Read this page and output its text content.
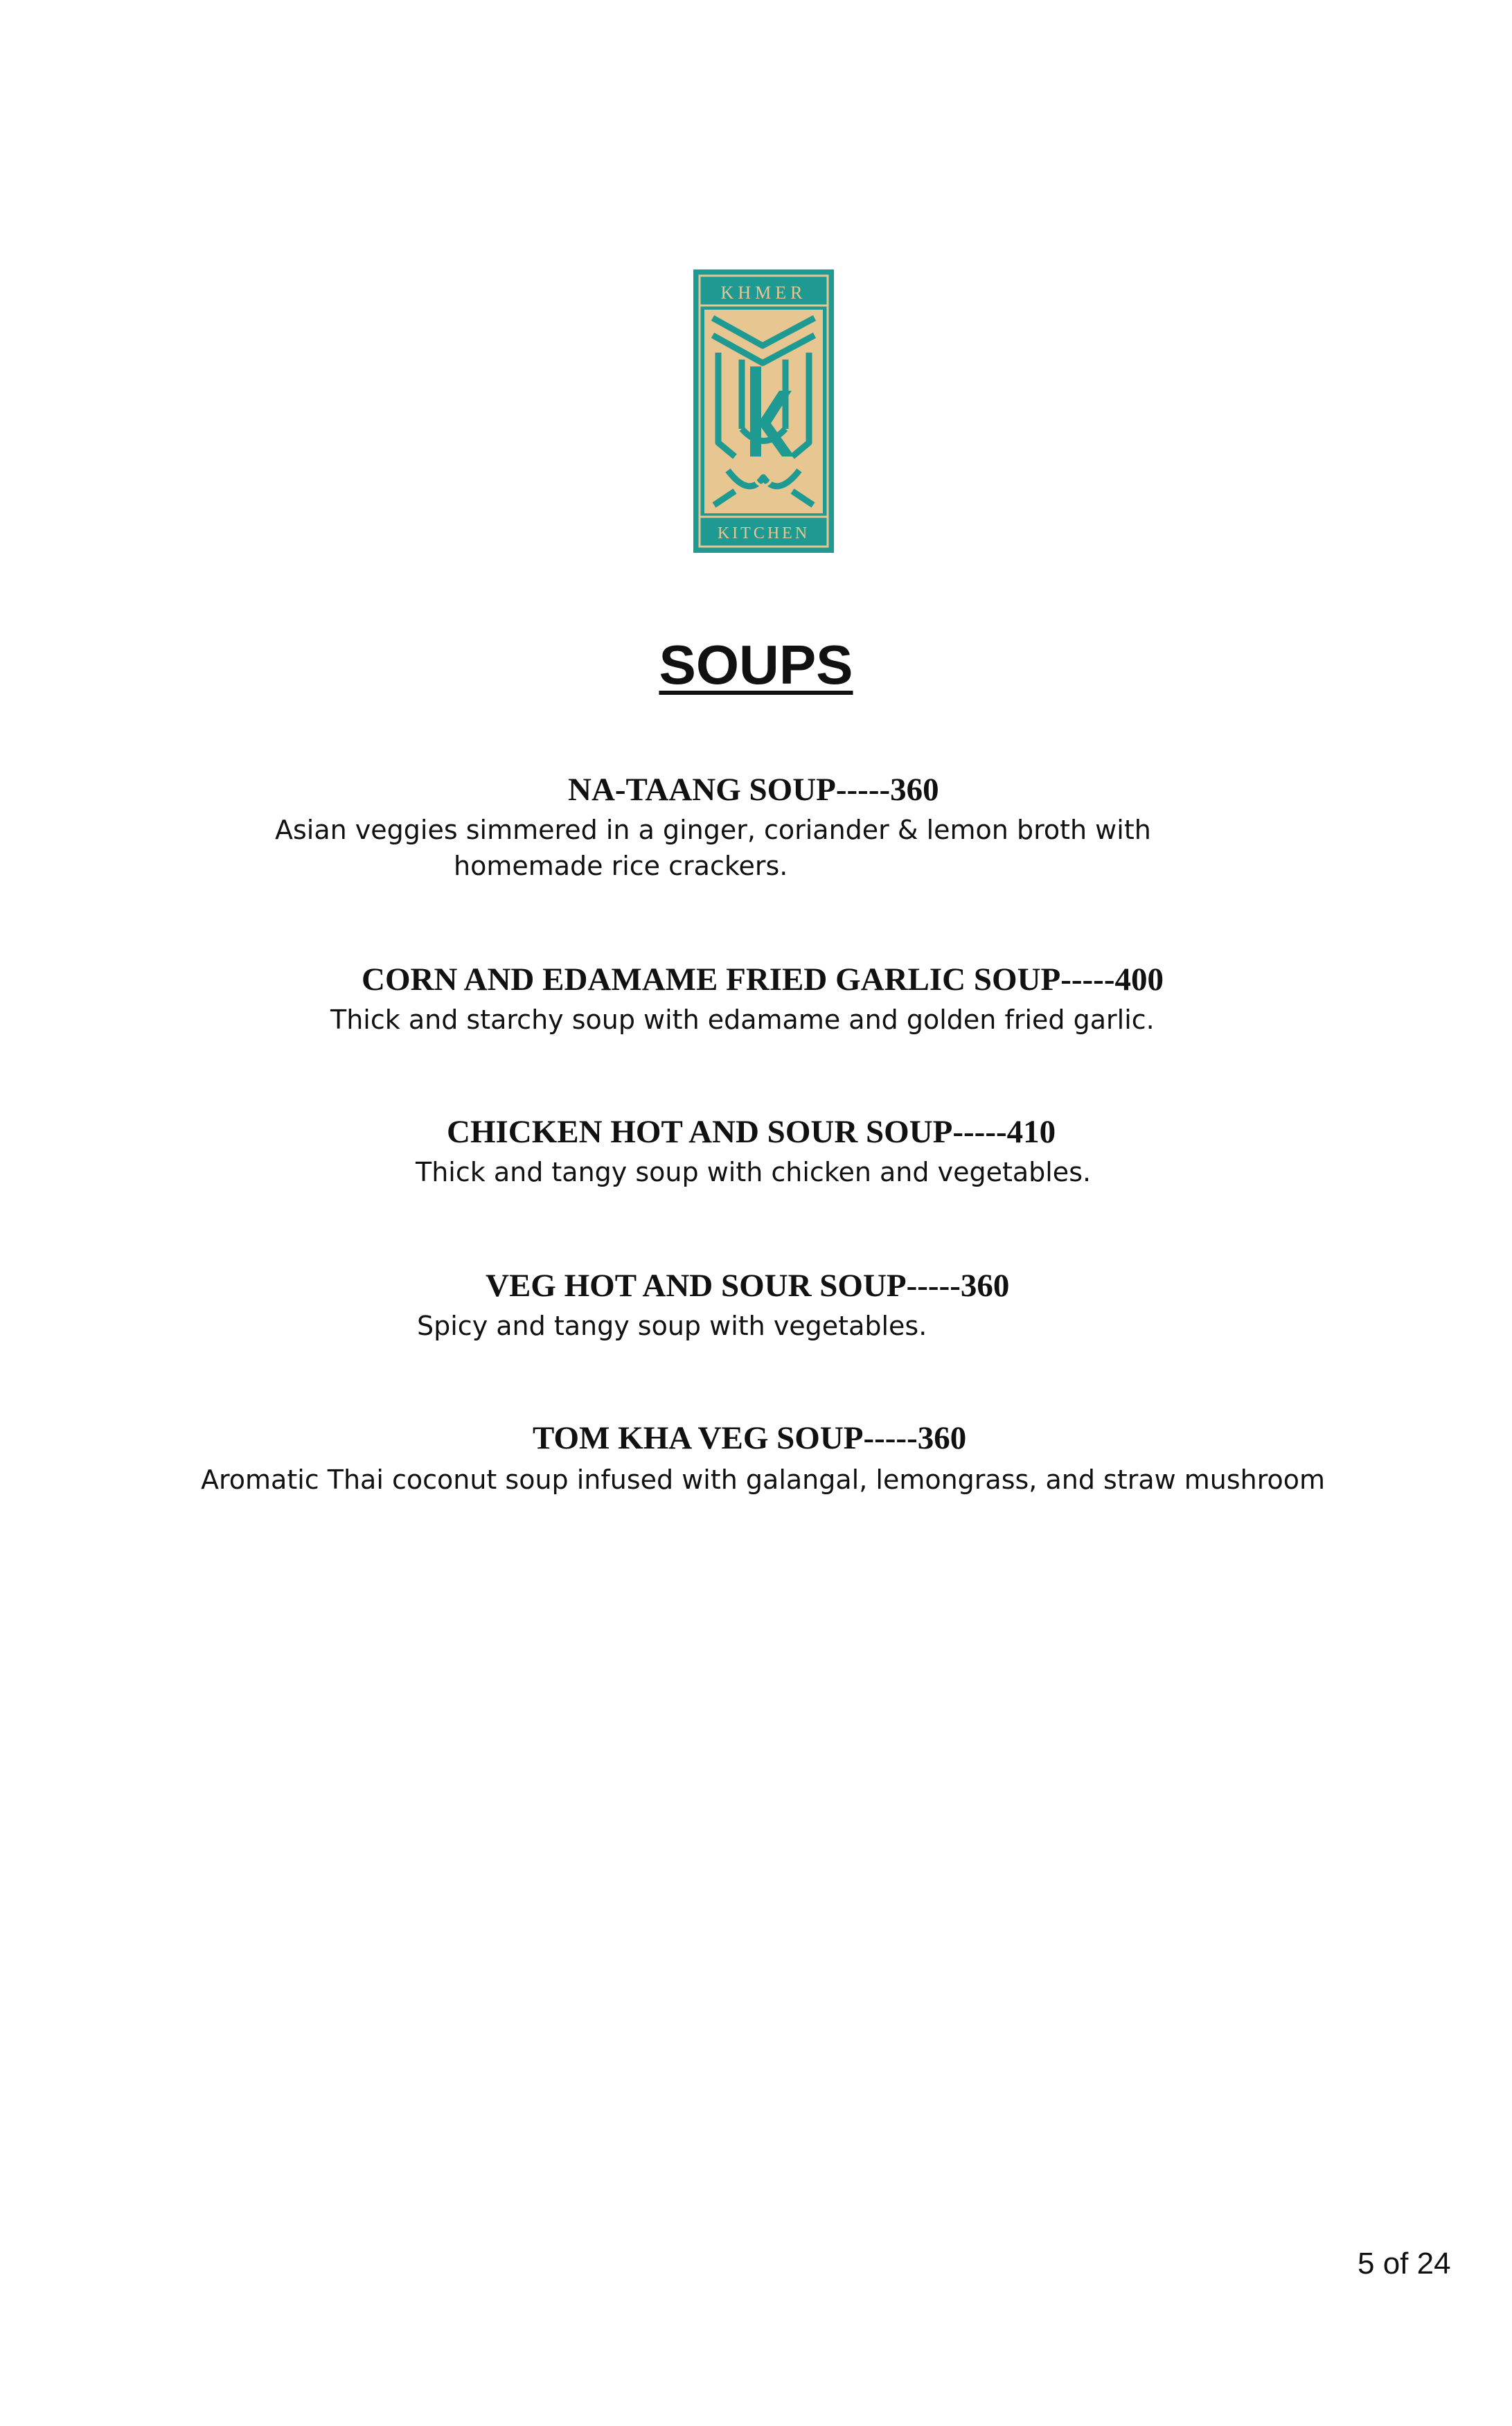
KHMER
KITCHEN
SOUPS
NA-TAANG SOUP-----360
Asian veggies simmered in a ginger, coriander & lemon broth with
homemade rice crackers.
CORN AND EDAMAME FRIED GARLIC SOUP-----400
Thick and starchy soup with edamame and golden fried garlic.
CHICKEN HOT AND SOUR SOUP-----410
Thick and tangy soup with chicken and vegetables.
VEG HOT AND SOUR SOUP-----360
Spicy and tangy soup with vegetables.
TOM KHA VEG SOUP-----360
Aromatic Thai coconut soup infused with galangal, lemongrass, and straw mushroom
5 of 24
